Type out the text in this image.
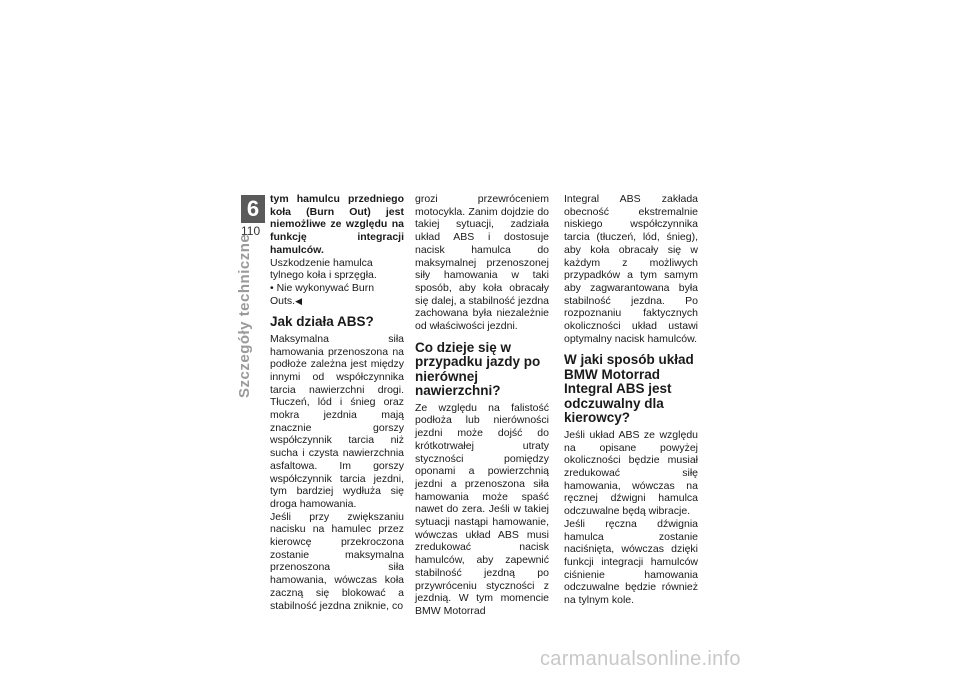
6
110
Szczegóły techniczne

tym hamulcu przedniego koła (Burn Out) jest niemożliwe ze względu na funkcję integracji hamulców.

Uszkodzenie hamulca tylnego koła i sprzęgła.

• Nie wykonywać Burn Outs.◀

Jak działa ABS?

Maksymalna siła hamowania przenoszona na podłoże zależna jest między innymi od współczynnika tarcia nawierzchni drogi. Tłuczeń, lód i śnieg oraz mokra jezdnia mają znacznie gorszy współczynnik tarcia niż sucha i czysta nawierzchnia asfaltowa. Im gorszy współczynnik tarcia jezdni, tym bardziej wydłuża się droga hamowania.

Jeśli przy zwiększaniu nacisku na hamulec przez kierowcę przekroczona zostanie maksymalna przenoszona siła hamowania, wówczas koła zaczną się blokować a stabilność jezdna zniknie, co

grozi przewróceniem motocykla. Zanim dojdzie do takiej sytuacji, zadziała układ ABS i dostosuje nacisk hamulca do maksymalnej przenoszonej siły hamowania w taki sposób, aby koła obracały się dalej, a stabilność jezdna zachowana była niezależnie od właściwości jezdni.

Co dzieje się w przypadku jazdy po nierównej nawierzchni?

Ze względu na falistość podłoża lub nierówności jezdni może dojść do krótkotrwałej utraty styczności pomiędzy oponami a powierzchnią jezdni a przenoszona siła hamowania może spaść nawet do zera. Jeśli w takiej sytuacji nastąpi hamowanie, wówczas układ ABS musi zredukować nacisk hamulców, aby zapewnić stabilność jezdną po przywróceniu styczności z jezdnią. W tym momencie BMW Motorrad

Integral ABS zakłada obecność ekstremalnie niskiego współczynnika tarcia (tłuczeń, lód, śnieg), aby koła obracały się w każdym z możliwych przypadków a tym samym aby zagwarantowana była stabilność jezdna. Po rozpoznaniu faktycznych okoliczności układ ustawi optymalny nacisk hamulców.

W jaki sposób układ BMW Motorrad Integral ABS jest odczuwalny dla kierowcy?

Jeśli układ ABS ze względu na opisane powyżej okoliczności będzie musiał zredukować siłę hamowania, wówczas na ręcznej dźwigni hamulca odczuwalne będą wibracje.

Jeśli ręczna dźwignia hamulca zostanie naciśnięta, wówczas dzięki funkcji integracji hamulców ciśnienie hamowania odczuwalne będzie również na tylnym kole.

carmanualsonline.info
